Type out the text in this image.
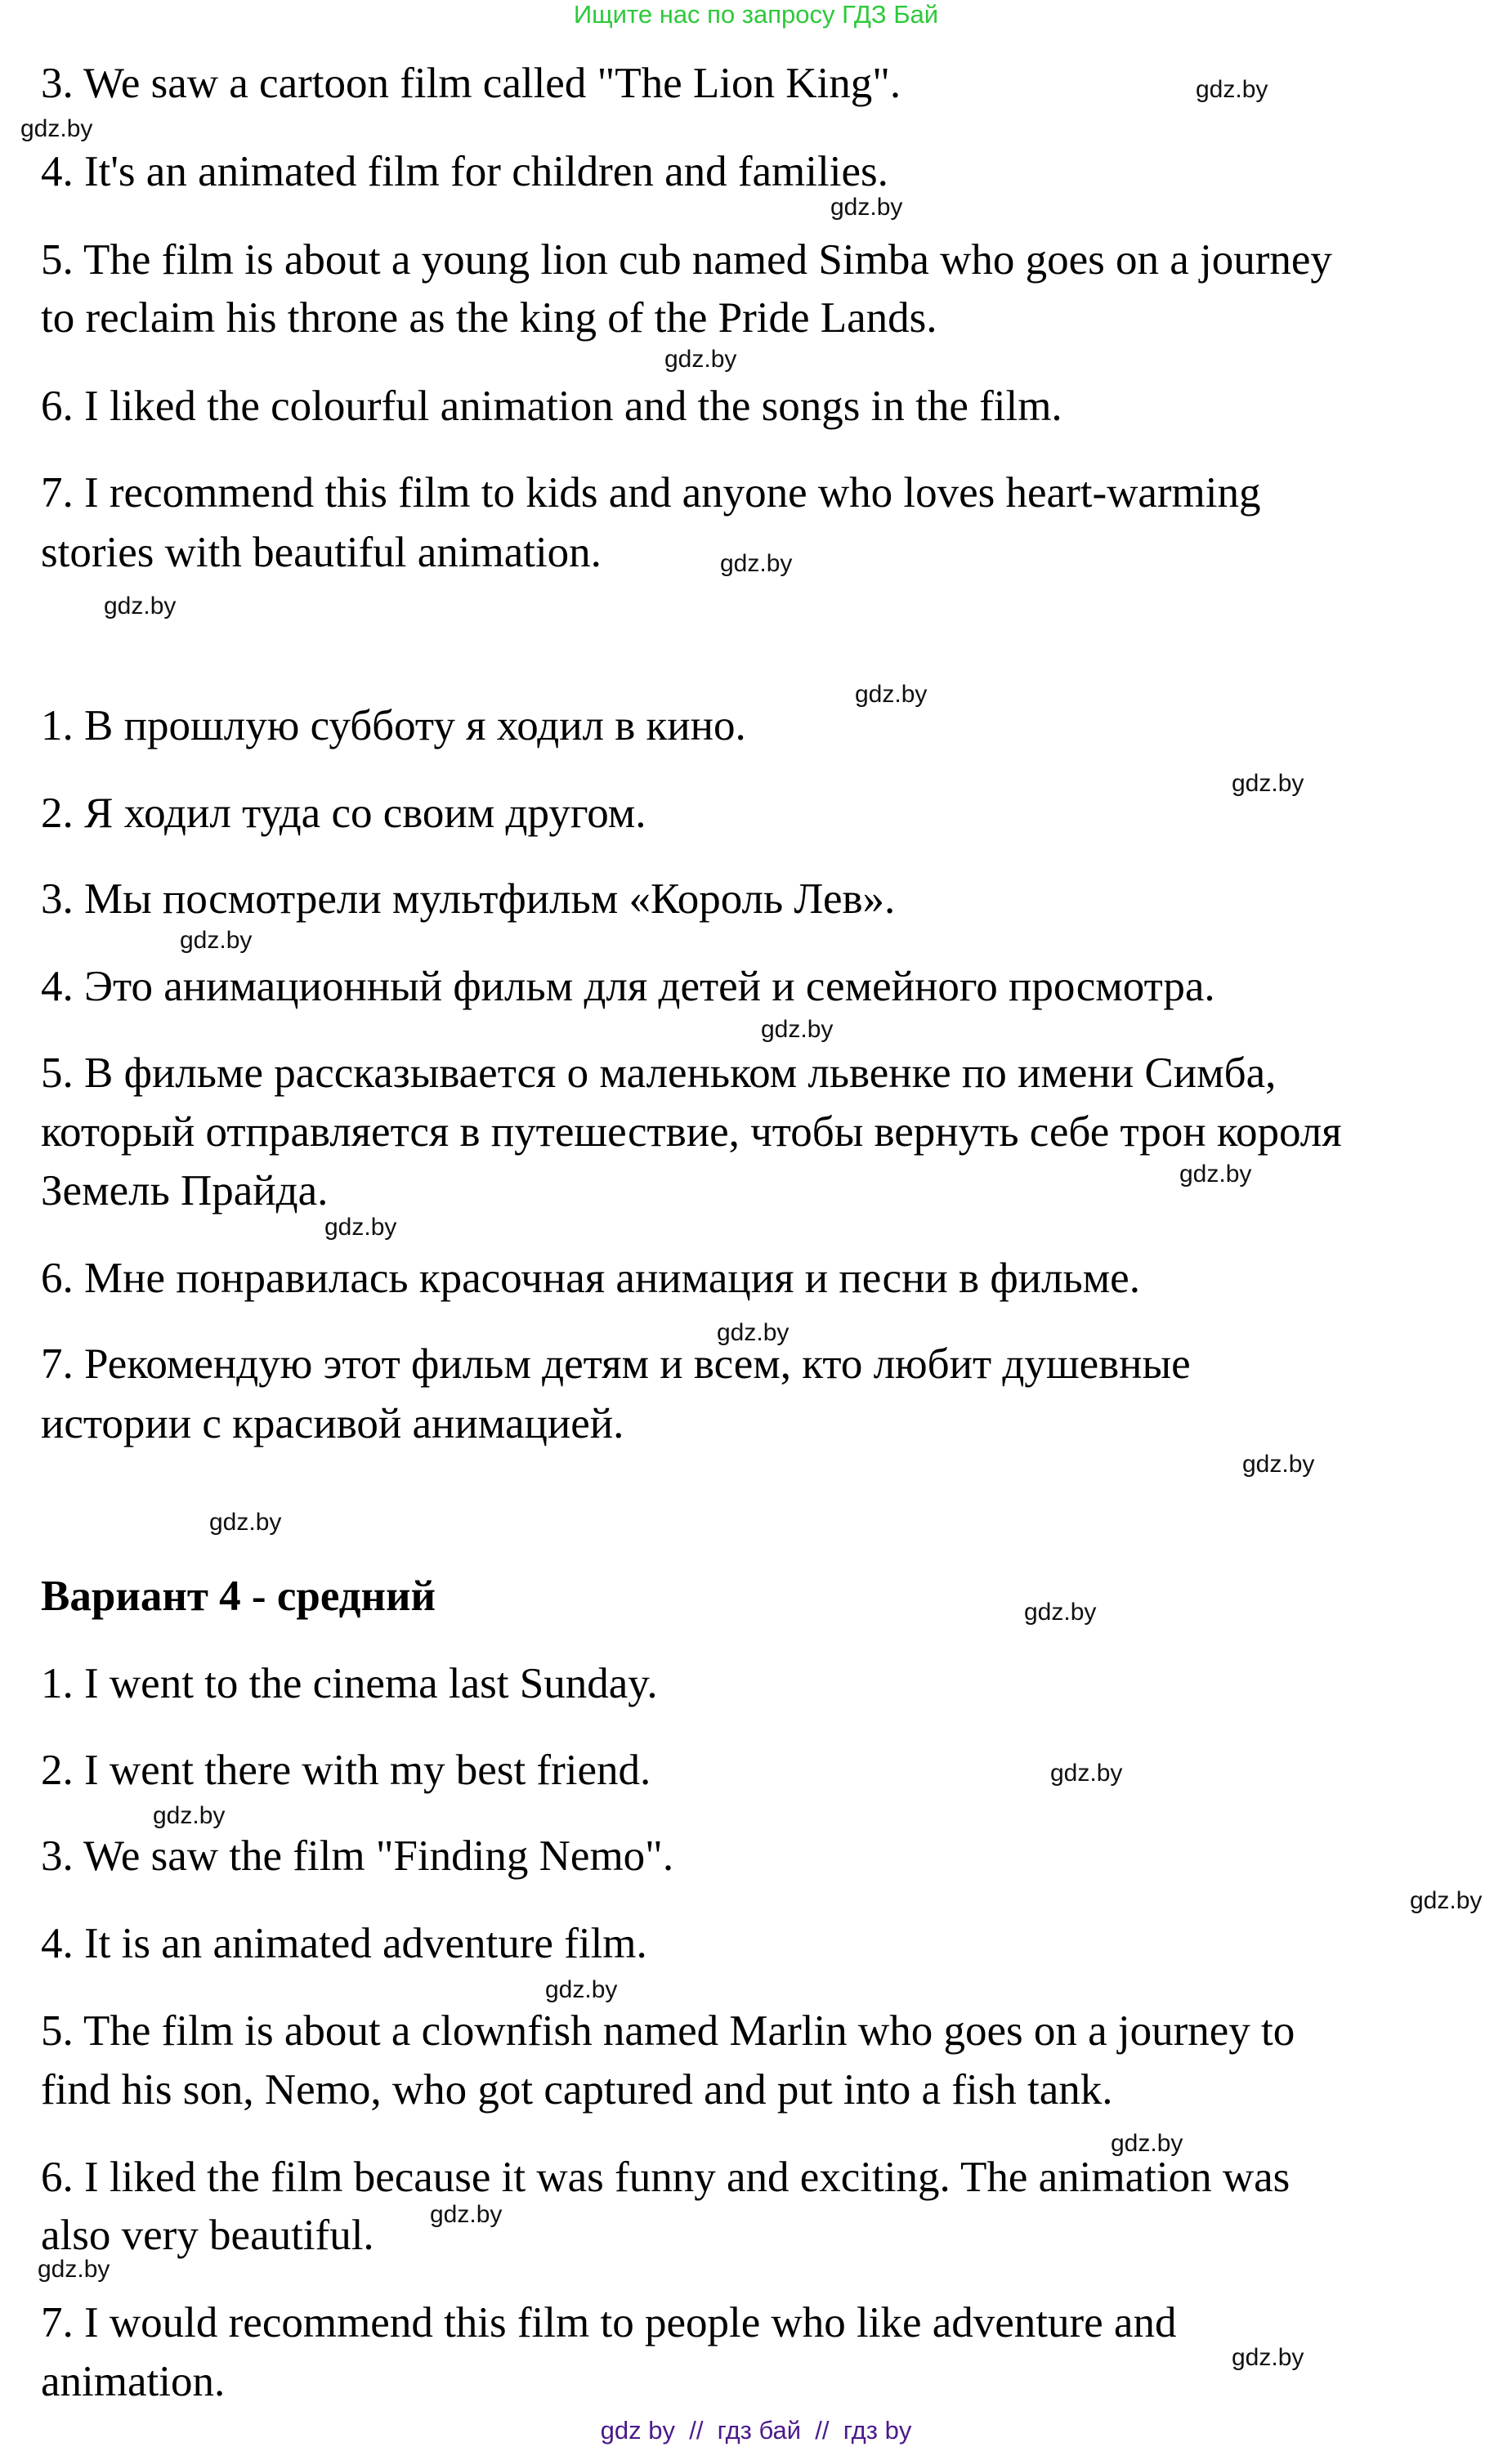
Ищите нас по запросу ГДЗ Бай
3. We saw a cartoon film called "The Lion King".
4. It's an animated film for children and families.
5. The film is about a young lion cub named Simba who goes on a journey
to reclaim his throne as the king of the Pride Lands.
6. I liked the colourful animation and the songs in the film.
7. I recommend this film to kids and anyone who loves heart-warming
stories with beautiful animation.
1. В прошлую субботу я ходил в кино.
2. Я ходил туда со своим другом.
3. Мы посмотрели мультфильм «Король Лев».
4. Это анимационный фильм для детей и семейного просмотра.
5. В фильме рассказывается о маленьком львенке по имени Симба,
который отправляется в путешествие, чтобы вернуть себе трон короля
Земель Прайда.
6. Мне понравилась красочная анимация и песни в фильме.
7. Рекомендую этот фильм детям и всем, кто любит душевные
истории с красивой анимацией.
Вариант 4 - средний
1. I went to the cinema last Sunday.
2. I went there with my best friend.
3. We saw the film "Finding Nemo".
4. It is an animated adventure film.
5. The film is about a clownfish named Marlin who goes on a journey to
find his son, Nemo, who got captured and put into a fish tank.
6. I liked the film because it was funny and exciting. The animation was
also very beautiful.
7. I would recommend this film to people who like adventure and
animation.
gdz.by
gdz.by
gdz.by
gdz.by
gdz.by
gdz.by
gdz.by
gdz.by
gdz.by
gdz.by
gdz.by
gdz.by
gdz.by
gdz.by
gdz.by
gdz.by
gdz.by
gdz.by
gdz.by
gdz.by
gdz.by
gdz.by
gdz.by
gdz.by
gdz by  //  гдз бай  //  гдз by
